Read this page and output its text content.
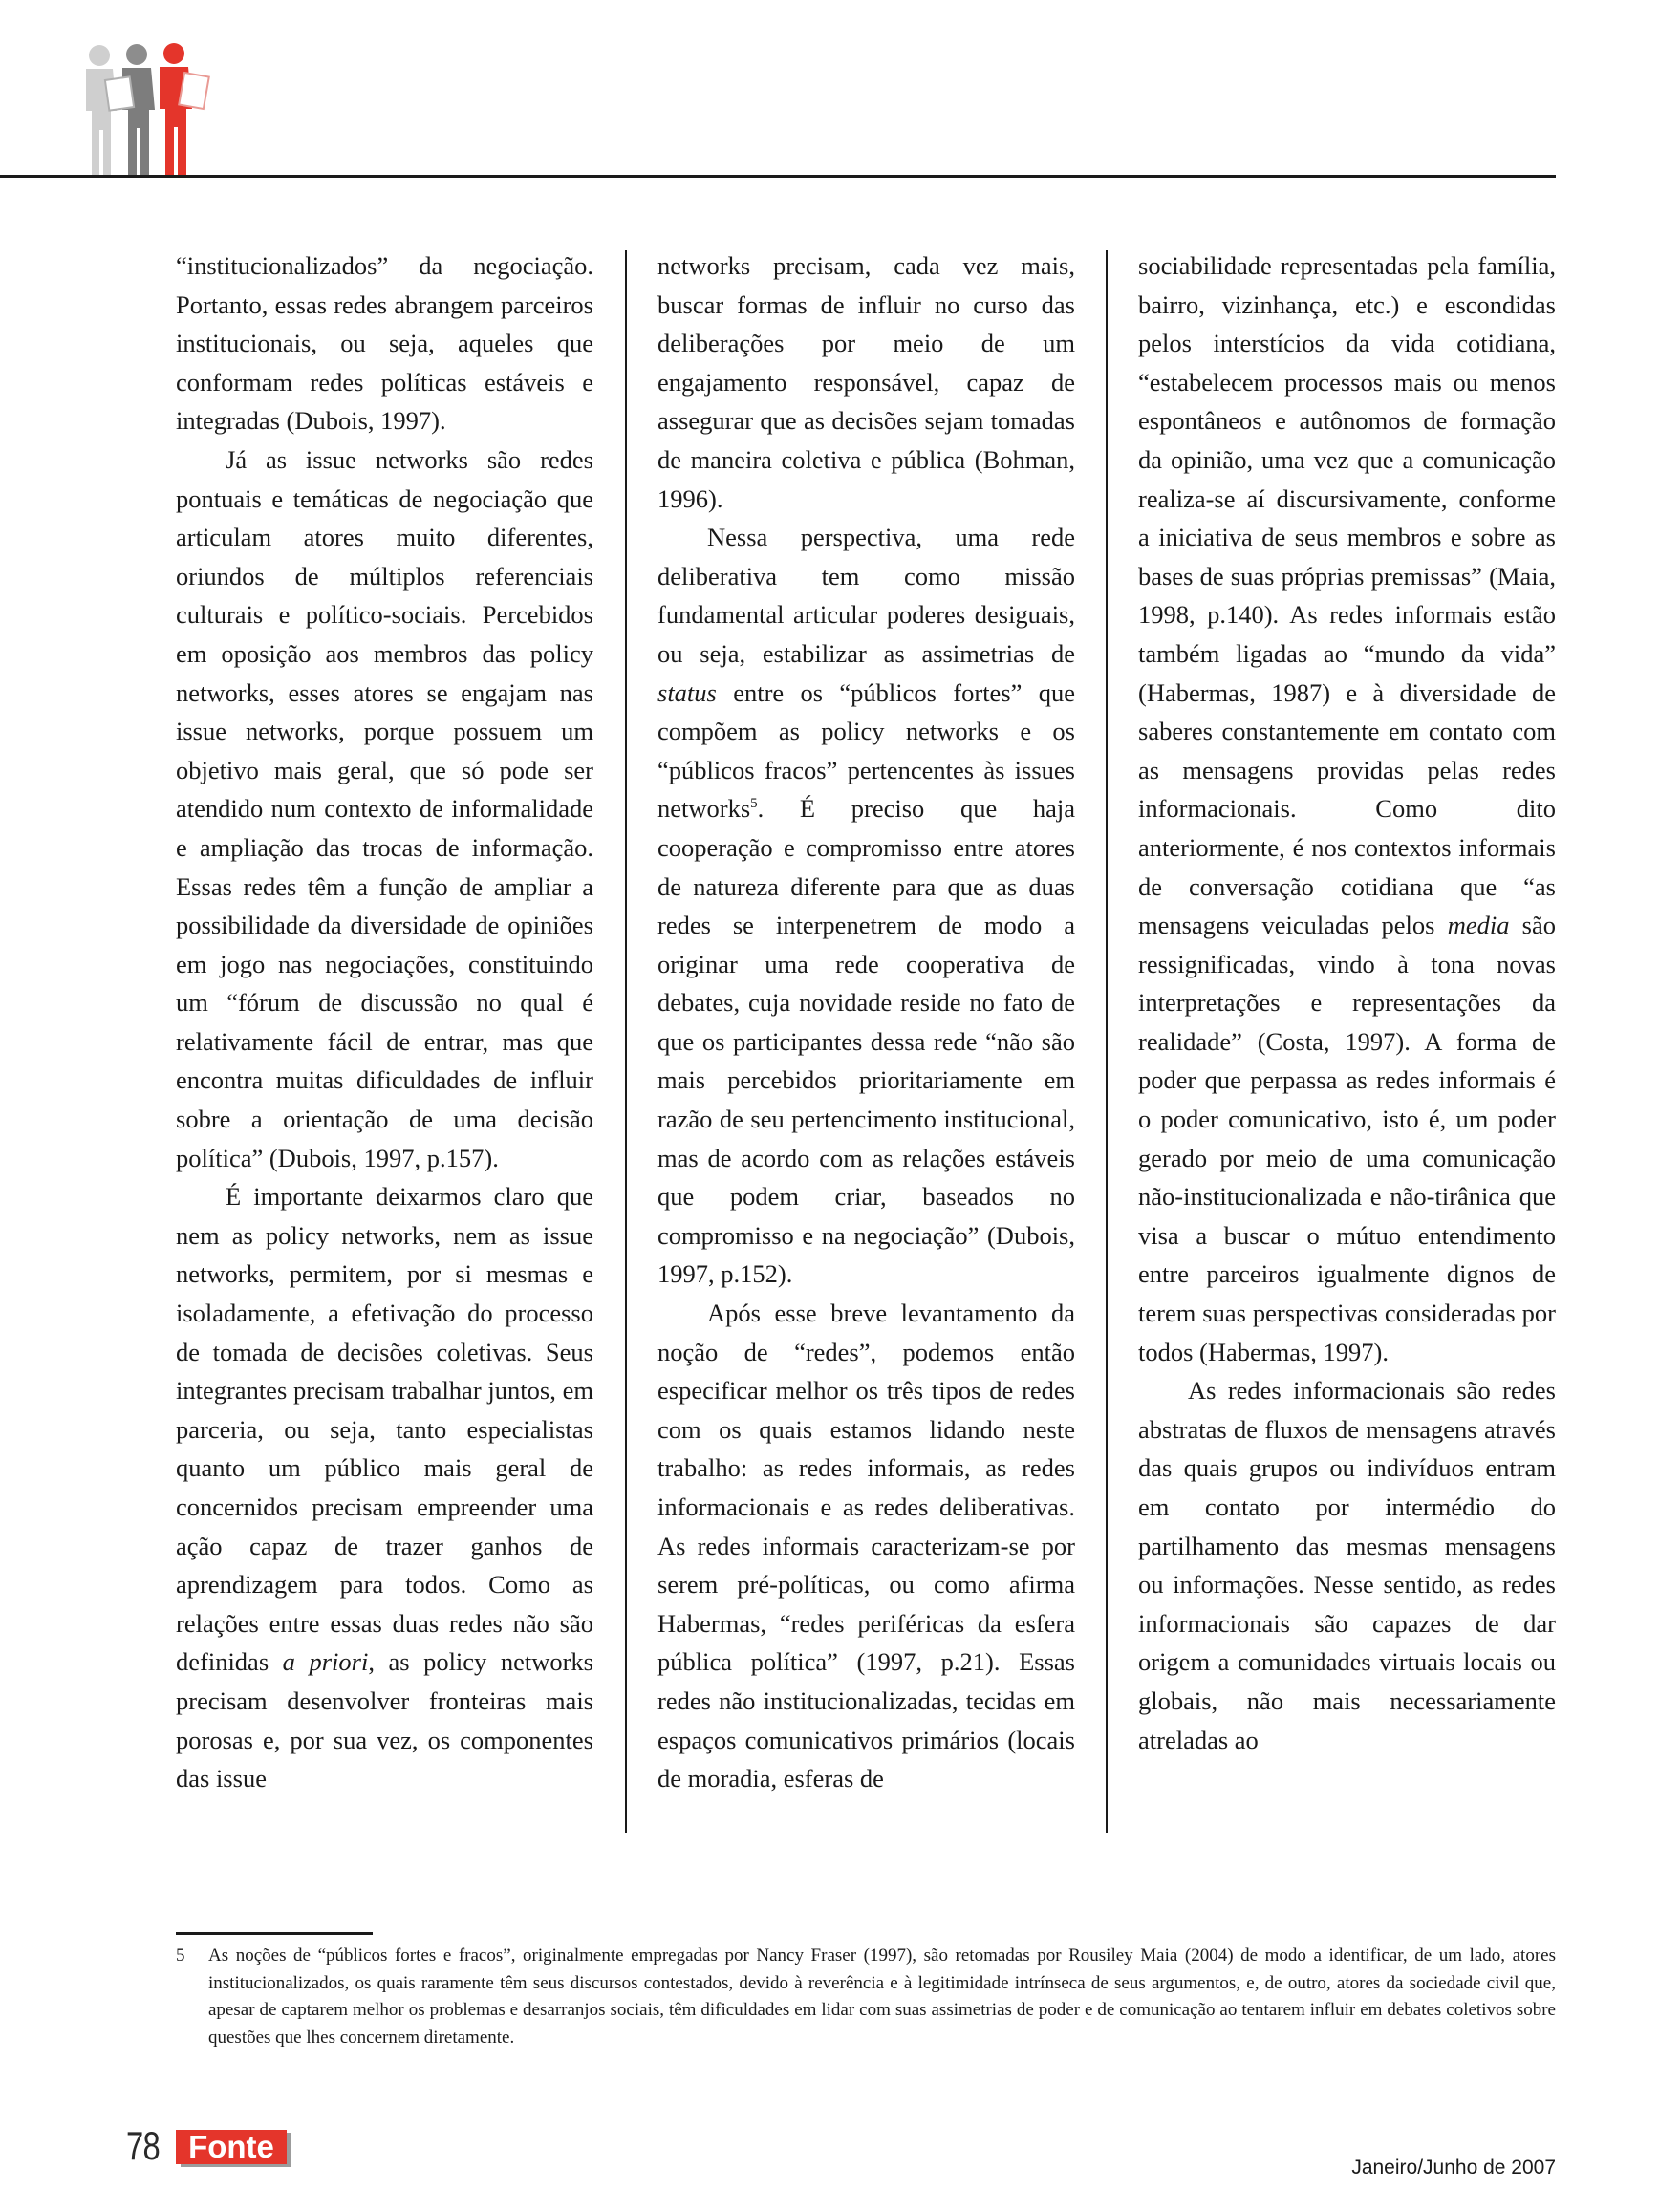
“institucionalizados” da negociação. Portanto, essas redes abrangem parceiros institucionais, ou seja, aqueles que conformam redes políticas estáveis e integradas (Dubois, 1997).

Já as issue networks são redes pontuais e temáticas de negociação que articulam atores muito diferentes, oriundos de múltiplos referenciais culturais e político-sociais. Percebidos em oposição aos membros das policy networks, esses atores se engajam nas issue networks, porque possuem um objetivo mais geral, que só pode ser atendido num contexto de informalidade e ampliação das trocas de informação. Essas redes têm a função de ampliar a possibilidade da diversidade de opiniões em jogo nas negociações, constituindo um “fórum de discussão no qual é relativamente fácil de entrar, mas que encontra muitas dificuldades de influir sobre a orientação de uma decisão política” (Dubois, 1997, p.157).

É importante deixarmos claro que nem as policy networks, nem as issue networks, permitem, por si mesmas e isoladamente, a efetivação do processo de tomada de decisões coletivas. Seus integrantes precisam trabalhar juntos, em parceria, ou seja, tanto especialistas quanto um público mais geral de concernidos precisam empreender uma ação capaz de trazer ganhos de aprendizagem para todos. Como as relações entre essas duas redes não são definidas a priori, as policy networks precisam desenvolver fronteiras mais porosas e, por sua vez, os componentes das issue

networks precisam, cada vez mais, buscar formas de influir no curso das deliberações por meio de um engajamento responsável, capaz de assegurar que as decisões sejam tomadas de maneira coletiva e pública (Bohman, 1996).

Nessa perspectiva, uma rede deliberativa tem como missão fundamental articular poderes desiguais, ou seja, estabilizar as assimetrias de status entre os “públicos fortes” que compõem as policy networks e os “públicos fracos” pertencentes às issues networks$^5$. É preciso que haja cooperação e compromisso entre atores de natureza diferente para que as duas redes se interpenetrem de modo a originar uma rede cooperativa de debates, cuja novidade reside no fato de que os participantes dessa rede “não são mais percebidos prioritariamente em razão de seu pertencimento institucional, mas de acordo com as relações estáveis que podem criar, baseados no compromisso e na negociação” (Dubois, 1997, p.152).

Após esse breve levantamento da noção de “redes”, podemos então especificar melhor os três tipos de redes com os quais estamos lidando neste trabalho: as redes informais, as redes informacionais e as redes deliberativas. As redes informais caracterizam-se por serem pré-políticas, ou como afirma Habermas, “redes periféricas da esfera pública política” (1997, p.21). Essas redes não institucionalizadas, tecidas em espaços comunicativos primários (locais de moradia, esferas de

sociabilidade representadas pela família, bairro, vizinhança, etc.) e escondidas pelos interstícios da vida cotidiana, “estabelecem processos mais ou menos espontâneos e autônomos de formação da opinião, uma vez que a comunicação realiza-se aí discursivamente, conforme a iniciativa de seus membros e sobre as bases de suas próprias premissas” (Maia, 1998, p.140). As redes informais estão também ligadas ao “mundo da vida” (Habermas, 1987) e à diversidade de saberes constantemente em contato com as mensagens providas pelas redes informacionais. Como dito anteriormente, é nos contextos informais de conversação cotidiana que “as mensagens veiculadas pelos media são ressignificadas, vindo à tona novas interpretações e representações da realidade” (Costa, 1997). A forma de poder que perpassa as redes informais é o poder comunicativo, isto é, um poder gerado por meio de uma comunicação não-institucionalizada e não-tirânica que visa a buscar o mútuo entendimento entre parceiros igualmente dignos de terem suas perspectivas consideradas por todos (Habermas, 1997).

As redes informacionais são redes abstratas de fluxos de mensagens através das quais grupos ou indivíduos entram em contato por intermédio do partilhamento das mesmas mensagens ou informações. Nesse sentido, as redes informacionais são capazes de dar origem a comunidades virtuais locais ou globais, não mais necessariamente atreladas ao

5 As noções de “públicos fortes e fracos”, originalmente empregadas por Nancy Fraser (1997), são retomadas por Rousiley Maia (2004) de modo a identificar, de um lado, atores institucionalizados, os quais raramente têm seus discursos contestados, devido à reverência e à legitimidade intrínseca de seus argumentos, e, de outro, atores da sociedade civil que, apesar de captarem melhor os problemas e desarranjos sociais, têm dificuldades em lidar com suas assimetrias de poder e de comunicação ao tentarem influir em debates coletivos sobre questões que lhes concernem diretamente.
78 Fonte
Janeiro/Junho de 2007
